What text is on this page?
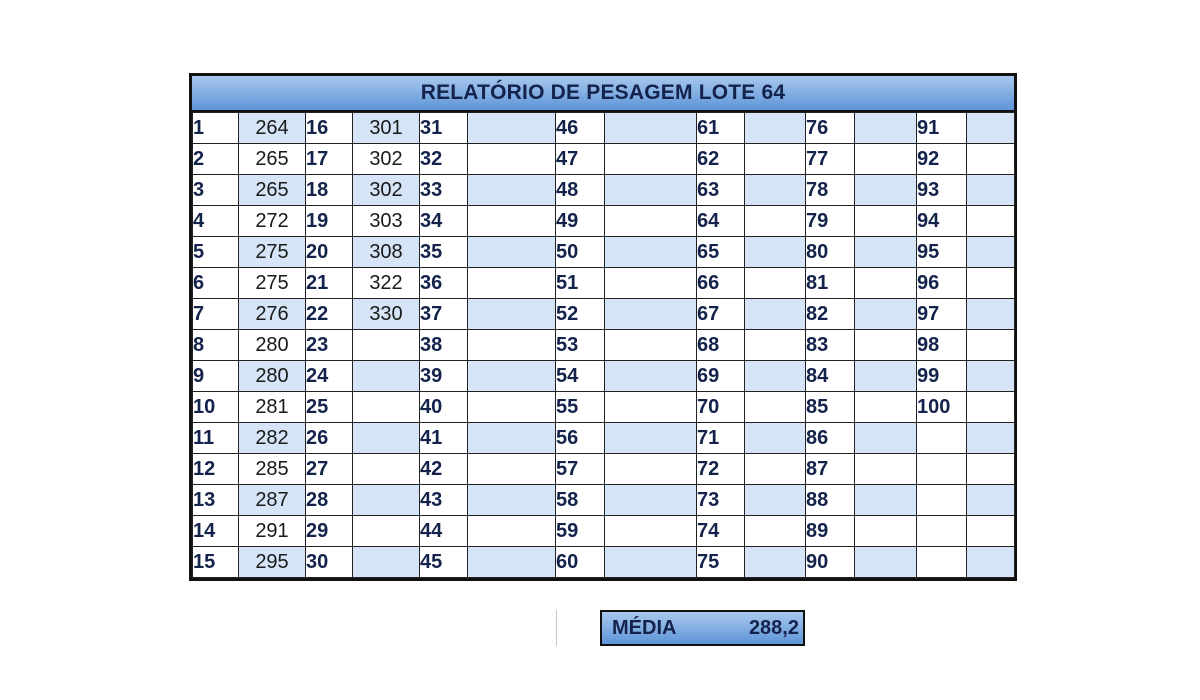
RELATÓRIO DE PESAGEM LOTE 64
1	264	16	301	31		46		61		76		91	
2	265	17	302	32		47		62		77		92	
3	265	18	302	33		48		63		78		93	
4	272	19	303	34		49		64		79		94	
5	275	20	308	35		50		65		80		95	
6	275	21	322	36		51		66		81		96	
7	276	22	330	37		52		67		82		97	
8	280	23		38		53		68		83		98	
9	280	24		39		54		69		84		99	
10	281	25		40		55		70		85		100	
11	282	26		41		56		71		86			
12	285	27		42		57		72		87			
13	287	28		43		58		73		88			
14	291	29		44		59		74		89			
15	295	30		45		60		75		90			
MÉDIA	288,2
